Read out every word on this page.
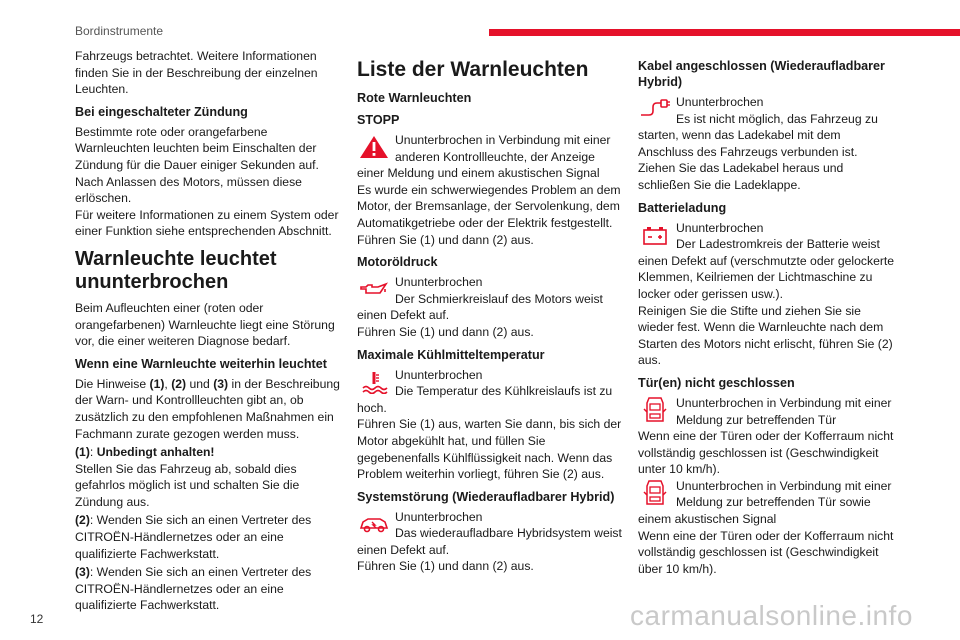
Bordinstrumente

Fahrzeugs betrachtet. Weitere Informationen finden Sie in der Beschreibung der einzelnen Leuchten.

Bei eingeschalteter Zündung

Bestimmte rote oder orangefarbene Warnleuchten leuchten beim Einschalten der Zündung für die Dauer einiger Sekunden auf. Nach Anlassen des Motors, müssen diese erlöschen.
Für weitere Informationen zu einem System oder einer Funktion siehe entsprechenden Abschnitt.

Warnleuchte leuchtet ununterbrochen

Beim Aufleuchten einer (roten oder orangefarbenen) Warnleuchte liegt eine Störung vor, die einer weiteren Diagnose bedarf.

Wenn eine Warnleuchte weiterhin leuchtet

Die Hinweise (1), (2) und (3) in der Beschreibung der Warn- und Kontrollleuchten gibt an, ob zusätzlich zu den empfohlenen Maßnahmen ein Fachmann zurate gezogen werden muss.

(1): Unbedingt anhalten!
Stellen Sie das Fahrzeug ab, sobald dies gefahrlos möglich ist und schalten Sie die Zündung aus.

(2): Wenden Sie sich an einen Vertreter des CITROËN-Händlernetzes oder an eine qualifizierte Fachwerkstatt.

(3): Wenden Sie sich an einen Vertreter des CITROËN-Händlernetzes oder an eine qualifizierte Fachwerkstatt.

Liste der Warnleuchten
Rote Warnleuchten
STOPP
Ununterbrochen in Verbindung mit einer anderen Kontrollleuchte, der Anzeige einer Meldung und einem akustischen Signal
Es wurde ein schwerwiegendes Problem an dem Motor, der Bremsanlage, der Servolenkung, dem Automatikgetriebe oder der Elektrik festgestellt.
Führen Sie (1) und dann (2) aus.
Motoröldruck
Ununterbrochen
Der Schmierkreislauf des Motors weist einen Defekt auf.
Führen Sie (1) und dann (2) aus.
Maximale Kühlmitteltemperatur
Ununterbrochen
Die Temperatur des Kühlkreislaufs ist zu hoch.
Führen Sie (1) aus, warten Sie dann, bis sich der Motor abgekühlt hat, und füllen Sie gegebenenfalls Kühlflüssigkeit nach. Wenn das Problem weiterhin vorliegt, führen Sie (2) aus.
Systemstörung (Wiederaufladbarer Hybrid)
Ununterbrochen
Das wiederaufladbare Hybridsystem weist einen Defekt auf.
Führen Sie (1) und dann (2) aus.
Kabel angeschlossen (Wiederaufladbarer Hybrid)
Ununterbrochen
Es ist nicht möglich, das Fahrzeug zu starten, wenn das Ladekabel mit dem Anschluss des Fahrzeugs verbunden ist.
Ziehen Sie das Ladekabel heraus und schließen Sie die Ladeklappe.
Batterieladung
Ununterbrochen
Der Ladestromkreis der Batterie weist einen Defekt auf (verschmutzte oder gelockerte Klemmen, Keilriemen der Lichtmaschine zu locker oder gerissen usw.).
Reinigen Sie die Stifte und ziehen Sie sie wieder fest. Wenn die Warnleuchte nach dem Starten des Motors nicht erlischt, führen Sie (2) aus.
Tür(en) nicht geschlossen
Ununterbrochen in Verbindung mit einer Meldung zur betreffenden Tür
Wenn eine der Türen oder der Kofferraum nicht vollständig geschlossen ist (Geschwindigkeit unter 10 km/h).
Ununterbrochen in Verbindung mit einer Meldung zur betreffenden Tür sowie einem akustischen Signal
Wenn eine der Türen oder der Kofferraum nicht vollständig geschlossen ist (Geschwindigkeit über 10 km/h).
12	carmanualsonline.info
